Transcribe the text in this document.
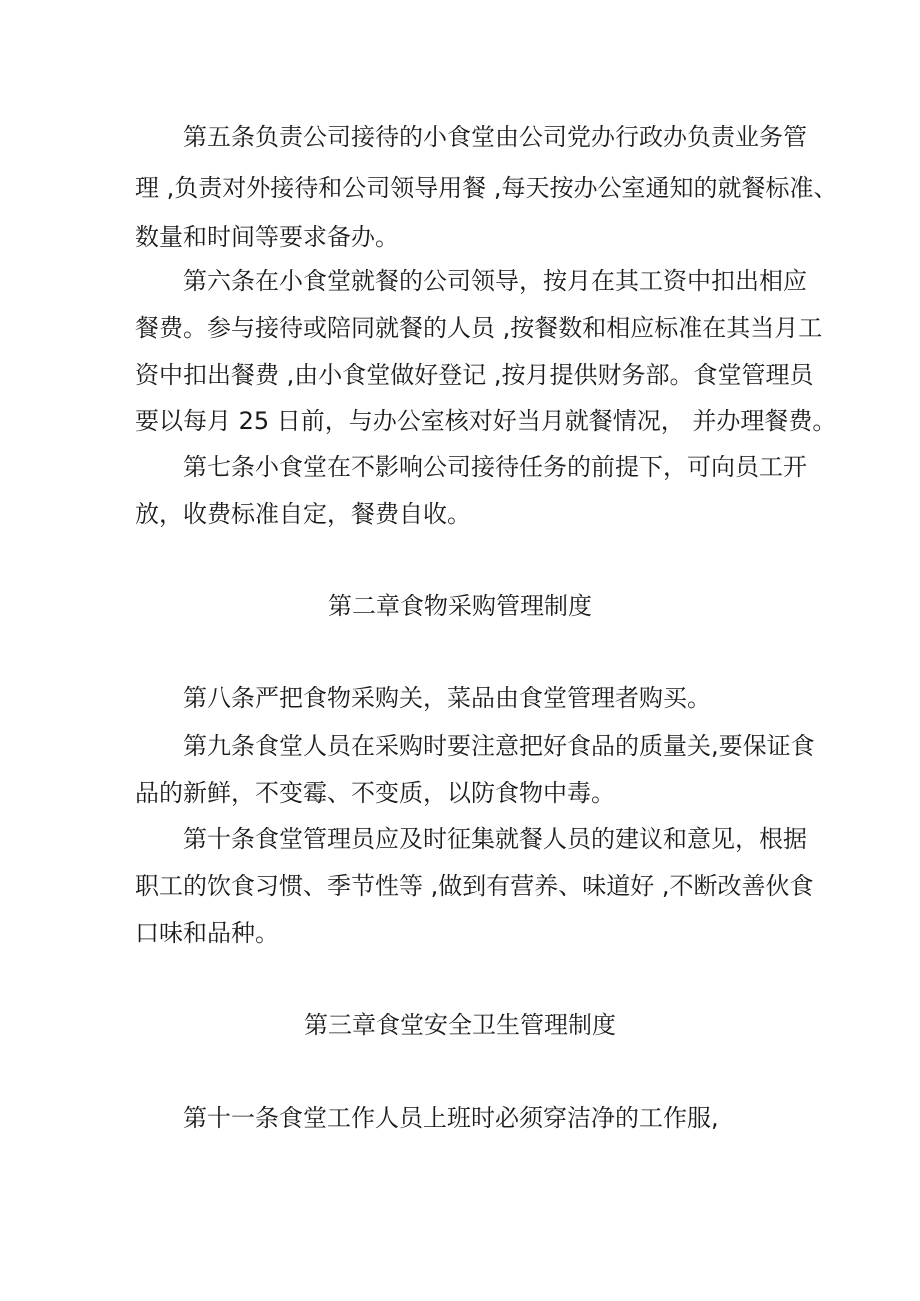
第五条负责公司接待的小食堂由公司党办行政办负责业务管

理 ,负责对外接待和公司领导用餐 ,每天按办公室通知的就餐标准、

数量和时间等要求备办。

第六条在小食堂就餐的公司领导，按月在其工资中扣出相应

餐费。参与接待或陪同就餐的人员 ,按餐数和相应标准在其当月工

资中扣出餐费 ,由小食堂做好登记 ,按月提供财务部。食堂管理员

要以每月 25 日前，与办公室核对好当月就餐情况， 并办理餐费。

第七条小食堂在不影响公司接待任务的前提下，可向员工开

放，收费标准自定，餐费自收。

第二章食物采购管理制度

第八条严把食物采购关，菜品由食堂管理者购买。

第九条食堂人员在采购时要注意把好食品的质量关,要保证食

品的新鲜，不变霉、不变质，以防食物中毒。

第十条食堂管理员应及时征集就餐人员的建议和意见，根据

职工的饮食习惯、季节性等 ,做到有营养、味道好 ,不断改善伙食

口味和品种。

第三章食堂安全卫生管理制度

第十一条食堂工作人员上班时必须穿洁净的工作服,
